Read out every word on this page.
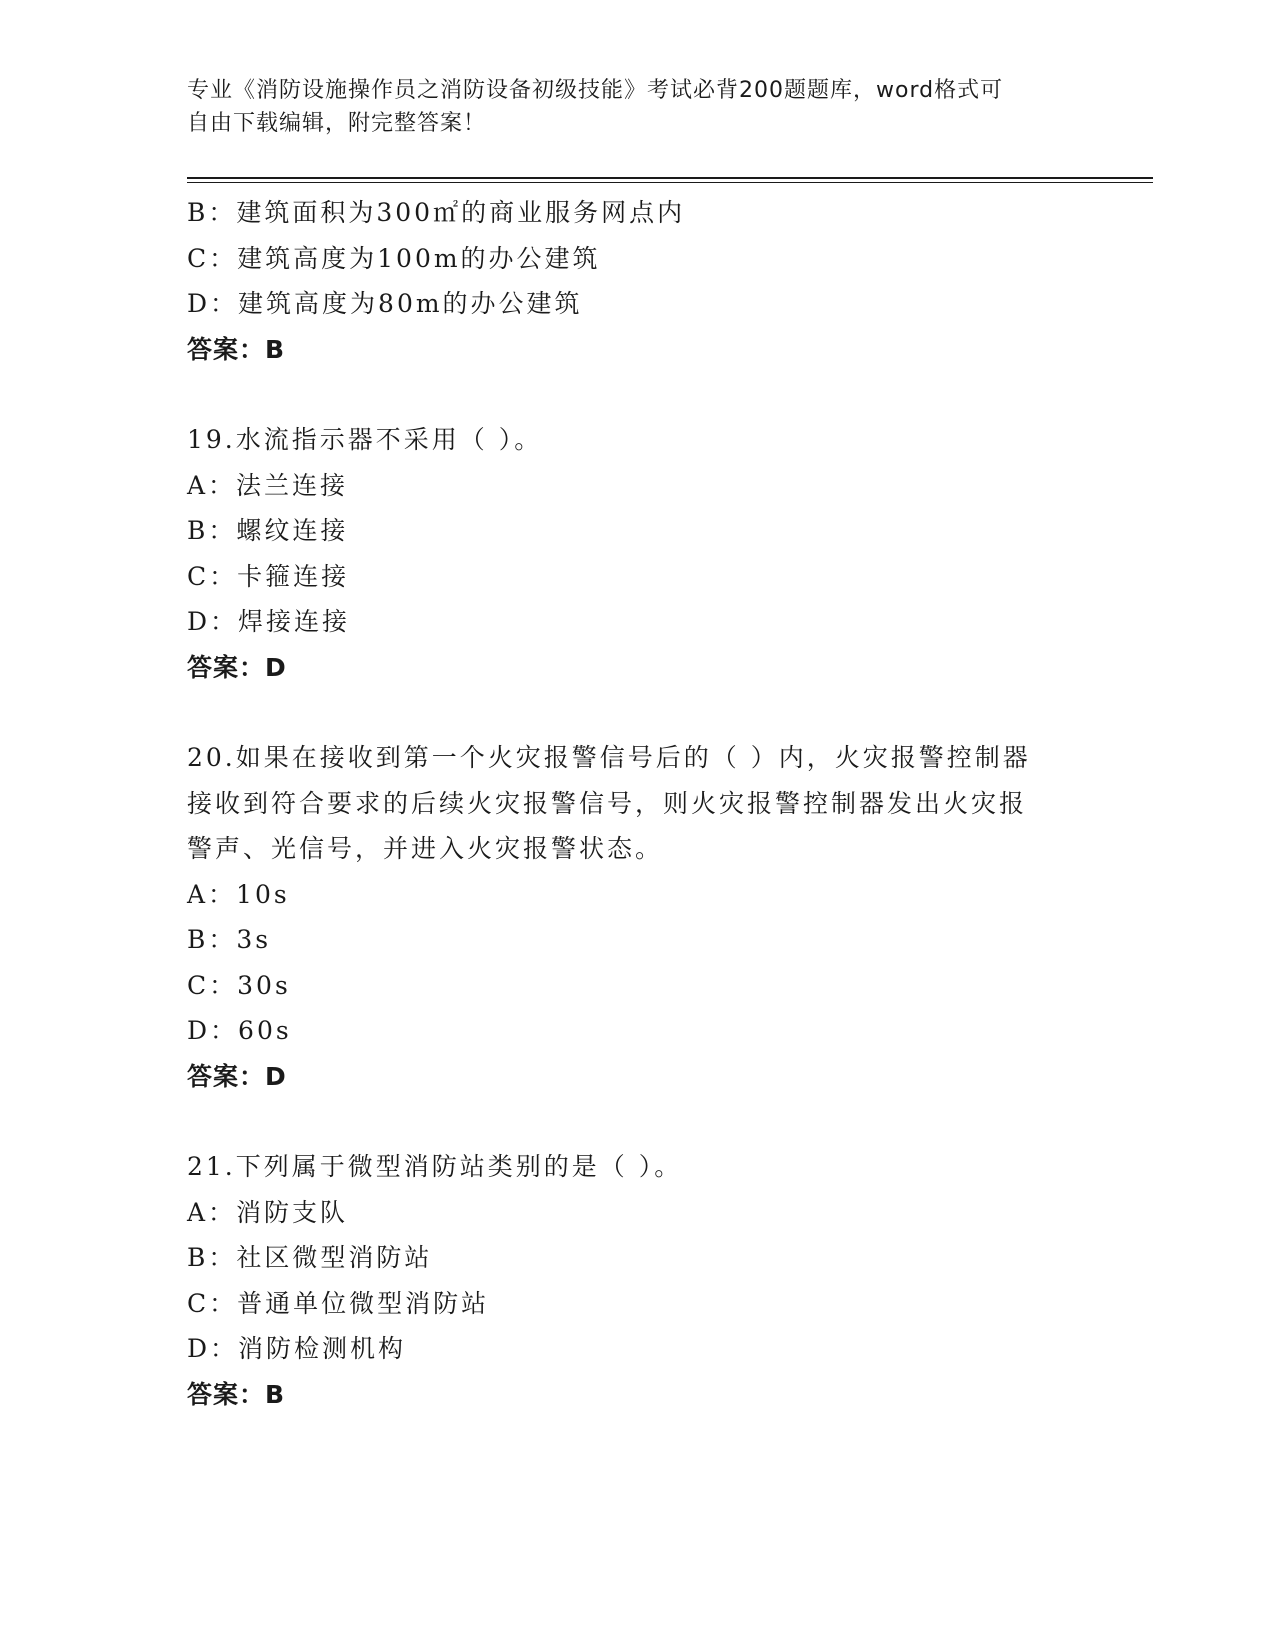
专业《消防设施操作员之消防设备初级技能》考试必背200题题库，word格式可
自由下载编辑，附完整答案！
B：建筑面积为300㎡的商业服务网点内
C：建筑高度为100m的办公建筑
D：建筑高度为80m的办公建筑
答案：B
19.水流指示器不采用（ ）。
A：法兰连接
B：螺纹连接
C：卡箍连接
D：焊接连接
答案：D
20.如果在接收到第一个火灾报警信号后的（ ）内，火灾报警控制器
接收到符合要求的后续火灾报警信号，则火灾报警控制器发出火灾报
警声、光信号，并进入火灾报警状态。
A：10s
B：3s
C：30s
D：60s
答案：D
21.下列属于微型消防站类别的是（ ）。
A：消防支队
B：社区微型消防站
C：普通单位微型消防站
D：消防检测机构
答案：B
